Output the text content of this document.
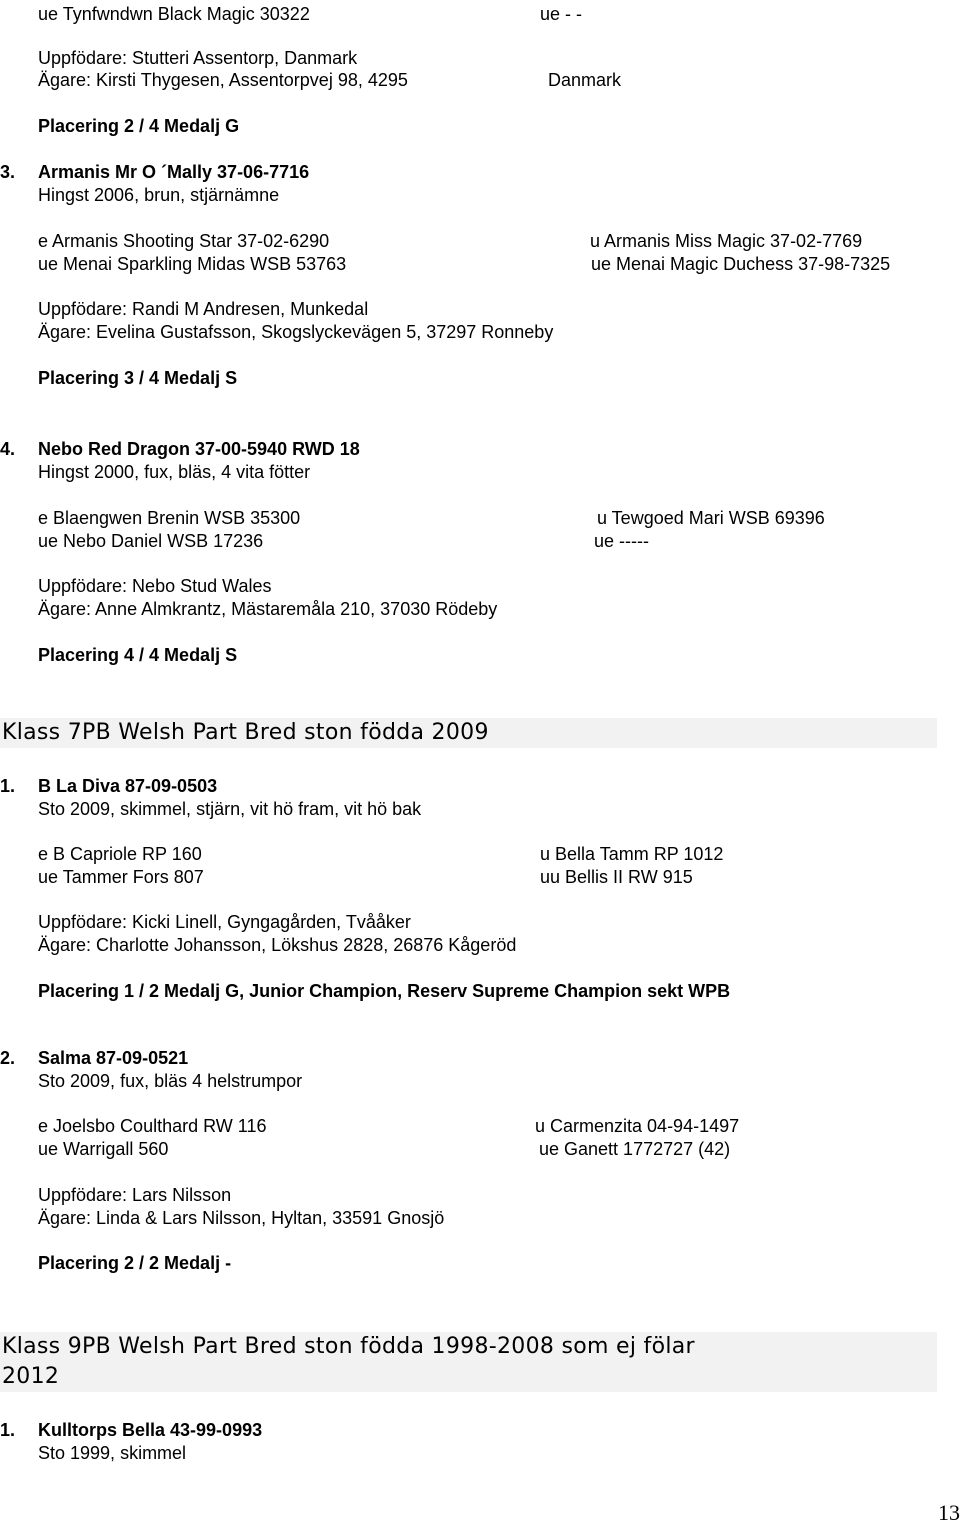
ue Tynfwndwn Black Magic 30322	ue - -
Uppfödare: Stutteri Assentorp, Danmark
Ägare: Kirsti Thygesen, Assentorpvej 98, 4295	Danmark
Placering 2 / 4 Medalj G
3. Armanis Mr O ´Mally 37-06-7716
Hingst 2006, brun, stjärnämne
e Armanis Shooting Star 37-02-6290	u Armanis Miss Magic 37-02-7769
ue Menai Sparkling Midas WSB 53763	ue Menai Magic Duchess 37-98-7325
Uppfödare: Randi M Andresen, Munkedal
Ägare: Evelina Gustafsson, Skogslyckevägen 5, 37297 Ronneby
Placering 3 / 4 Medalj S
4. Nebo Red Dragon 37-00-5940 RWD 18
Hingst 2000, fux, bläs, 4 vita fötter
e Blaengwen Brenin WSB 35300	u Tewgoed Mari WSB 69396
ue Nebo Daniel WSB 17236	ue -----
Uppfödare: Nebo Stud Wales
Ägare: Anne Almkrantz, Mästaremåla 210, 37030 Rödeby
Placering 4 / 4 Medalj S
Klass 7PB Welsh Part Bred ston födda 2009
1. B La Diva 87-09-0503
Sto 2009, skimmel, stjärn, vit hö fram, vit hö bak
e B Capriole RP 160	u Bella Tamm RP 1012
ue Tammer Fors 807	uu Bellis II RW 915
Uppfödare: Kicki Linell, Gyngagården, Tvååker
Ägare: Charlotte Johansson, Lökshus 2828, 26876 Kågeröd
Placering 1 / 2 Medalj G, Junior Champion, Reserv Supreme Champion sekt WPB
2. Salma 87-09-0521
Sto 2009, fux, bläs 4 helstrumpor
e Joelsbo Coulthard RW 116	u Carmenzita 04-94-1497
ue Warrigall 560	ue Ganett 1772727 (42)
Uppfödare: Lars Nilsson
Ägare: Linda & Lars Nilsson, Hyltan, 33591 Gnosjö
Placering 2 / 2 Medalj -
Klass 9PB Welsh Part Bred ston födda 1998-2008 som ej fölar
2012
1. Kulltorps Bella 43-99-0993
Sto 1999, skimmel
13
